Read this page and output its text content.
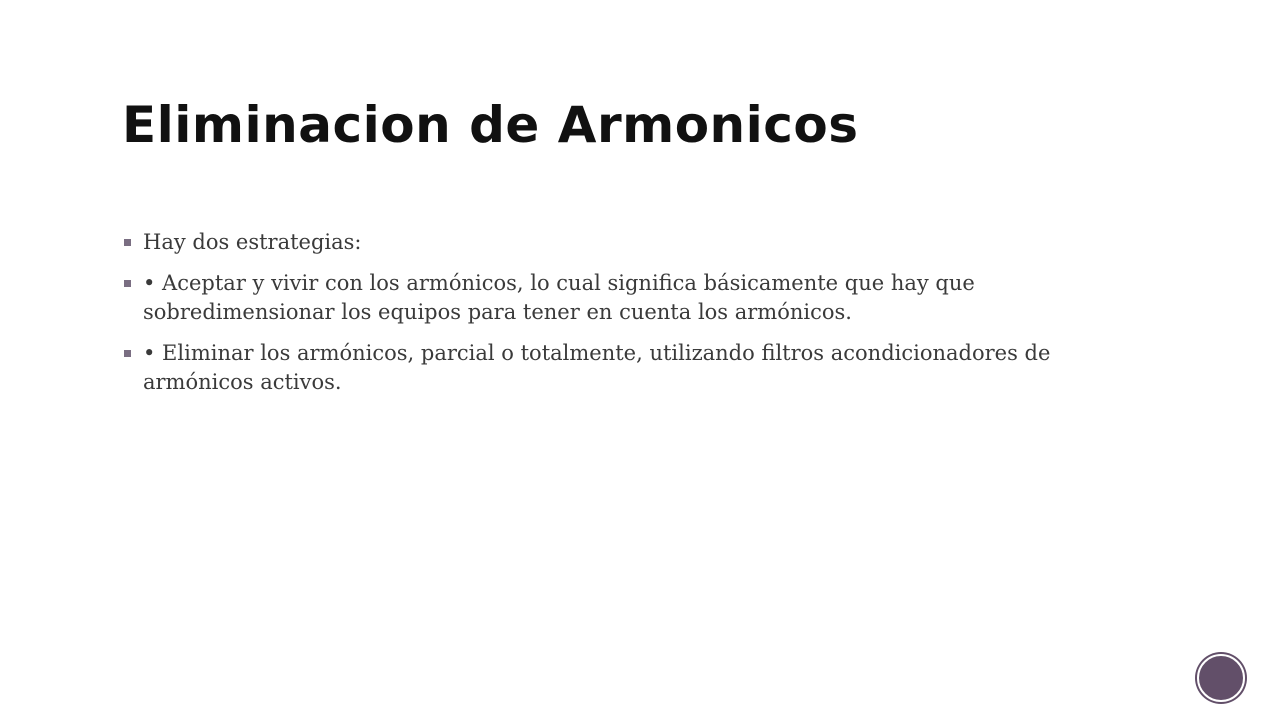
Eliminacion de Armonicos
Hay dos estrategias:
• Aceptar y vivir con los armónicos, lo cual significa básicamente que hay que sobredimensionar los equipos para tener en cuenta los armónicos.
• Eliminar los armónicos, parcial o totalmente, utilizando filtros acondicionadores de armónicos activos.
